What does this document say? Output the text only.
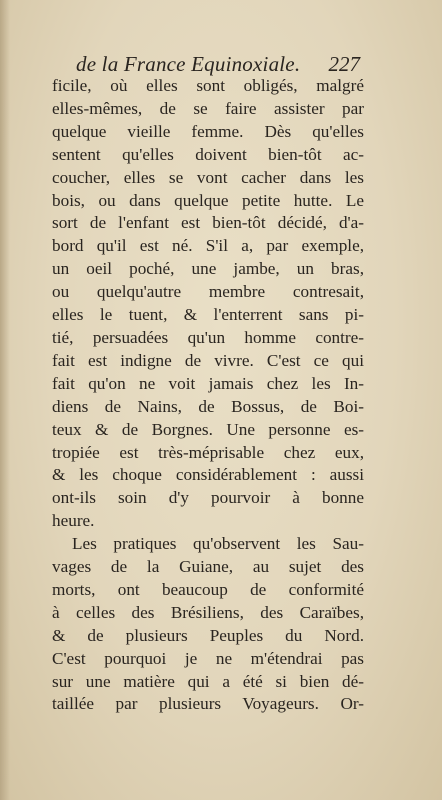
de la France Equinoxiale. 227
ficile, où elles sont obligés, malgré
elles-mêmes, de se faire assister par
quelque vieille femme. Dès qu'elles
sentent qu'elles doivent bien-tôt ac-
coucher, elles se vont cacher dans les
bois, ou dans quelque petite hutte. Le
sort de l'enfant est bien-tôt décidé, d'a-
bord qu'il est né. S'il a, par exemple,
un oeil poché, une jambe, un bras,
ou quelqu'autre membre contresait,
elles le tuent, & l'enterrent sans pi-
tié, persuadées qu'un homme contre-
fait est indigne de vivre. C'est ce qui
fait qu'on ne voit jamais chez les In-
diens de Nains, de Bossus, de Boi-
teux & de Borgnes. Une personne es-
tropiée est très-méprisable chez eux,
& les choque considérablement : aussi
ont-ils soin d'y pourvoir à bonne
heure.
Les pratiques qu'observent les Sau-
vages de la Guiane, au sujet des
morts, ont beaucoup de conformité
à celles des Brésiliens, des Caraïbes,
& de plusieurs Peuples du Nord.
C'est pourquoi je ne m'étendrai pas
sur une matière qui a été si bien dé-
taillée par plusieurs Voyageurs. Or-
